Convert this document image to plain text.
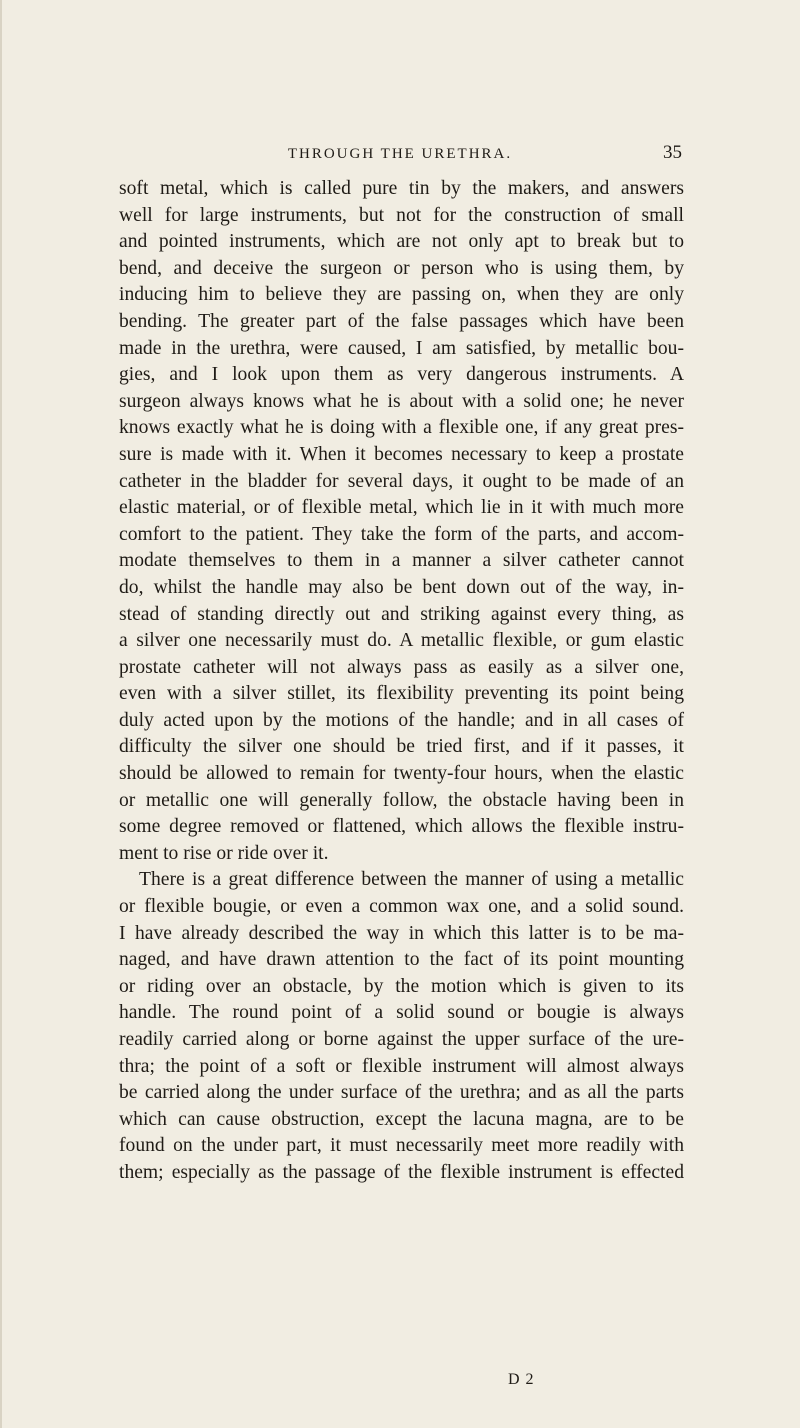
THROUGH THE URETHRA.	35
soft metal, which is called pure tin by the makers, and answers
well for large instruments, but not for the construction of small
and pointed instruments, which are not only apt to break but to
bend, and deceive the surgeon or person who is using them, by
inducing him to believe they are passing on, when they are only
bending. The greater part of the false passages which have been
made in the urethra, were caused, I am satisfied, by metallic bou-
gies, and I look upon them as very dangerous instruments. A
surgeon always knows what he is about with a solid one; he never
knows exactly what he is doing with a flexible one, if any great pres-
sure is made with it. When it becomes necessary to keep a prostate
catheter in the bladder for several days, it ought to be made of an
elastic material, or of flexible metal, which lie in it with much more
comfort to the patient. They take the form of the parts, and accom-
modate themselves to them in a manner a silver catheter cannot
do, whilst the handle may also be bent down out of the way, in-
stead of standing directly out and striking against every thing, as
a silver one necessarily must do. A metallic flexible, or gum elastic
prostate catheter will not always pass as easily as a silver one,
even with a silver stillet, its flexibility preventing its point being
duly acted upon by the motions of the handle; and in all cases of
difficulty the silver one should be tried first, and if it passes, it
should be allowed to remain for twenty-four hours, when the elastic
or metallic one will generally follow, the obstacle having been in
some degree removed or flattened, which allows the flexible instru-
ment to rise or ride over it.
There is a great difference between the manner of using a metallic
or flexible bougie, or even a common wax one, and a solid sound.
I have already described the way in which this latter is to be ma-
naged, and have drawn attention to the fact of its point mounting
or riding over an obstacle, by the motion which is given to its
handle. The round point of a solid sound or bougie is always
readily carried along or borne against the upper surface of the ure-
thra; the point of a soft or flexible instrument will almost always
be carried along the under surface of the urethra; and as all the parts
which can cause obstruction, except the lacuna magna, are to be
found on the under part, it must necessarily meet more readily with
them; especially as the passage of the flexible instrument is effected
D 2
